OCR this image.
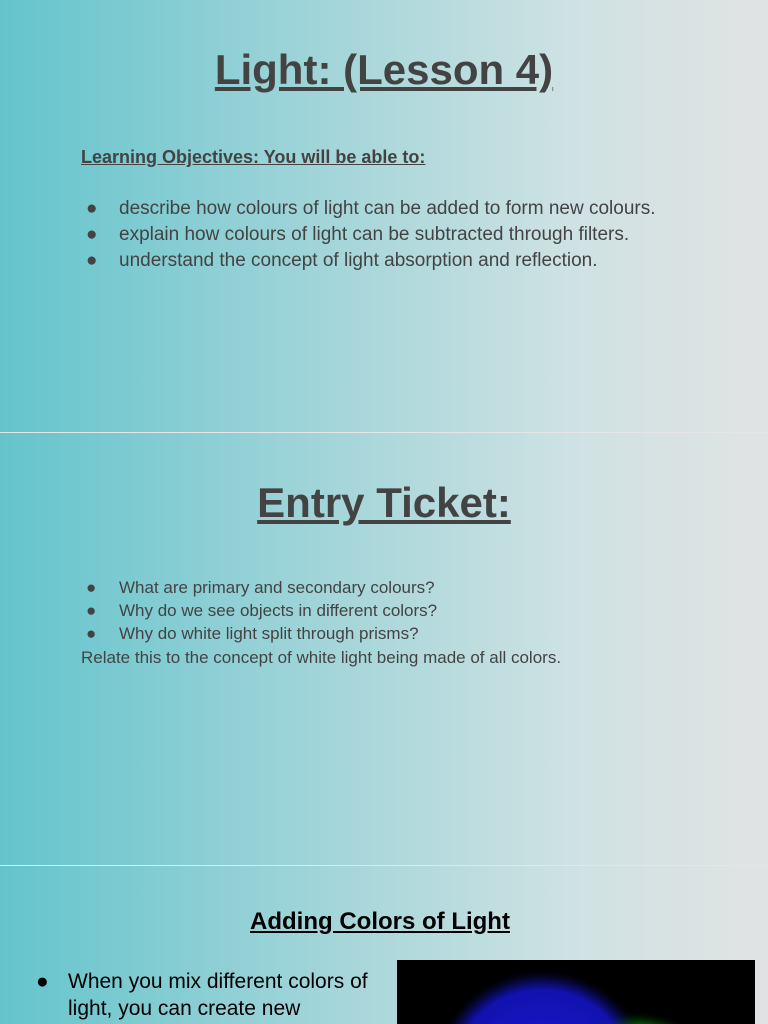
Light: (Lesson 4)

Learning Objectives: You will be able to:

● describe how colours of light can be added to form new colours.
● explain how colours of light can be subtracted through filters.
● understand the concept of light absorption and reflection.
Entry Ticket:
● What are primary and secondary colours?
● Why do we see objects in different colors?
● Why do white light split through prisms?

Relate this to the concept of white light being made of all colors.

Adding Colors of Light
● When you mix different colors of light, you can create new
